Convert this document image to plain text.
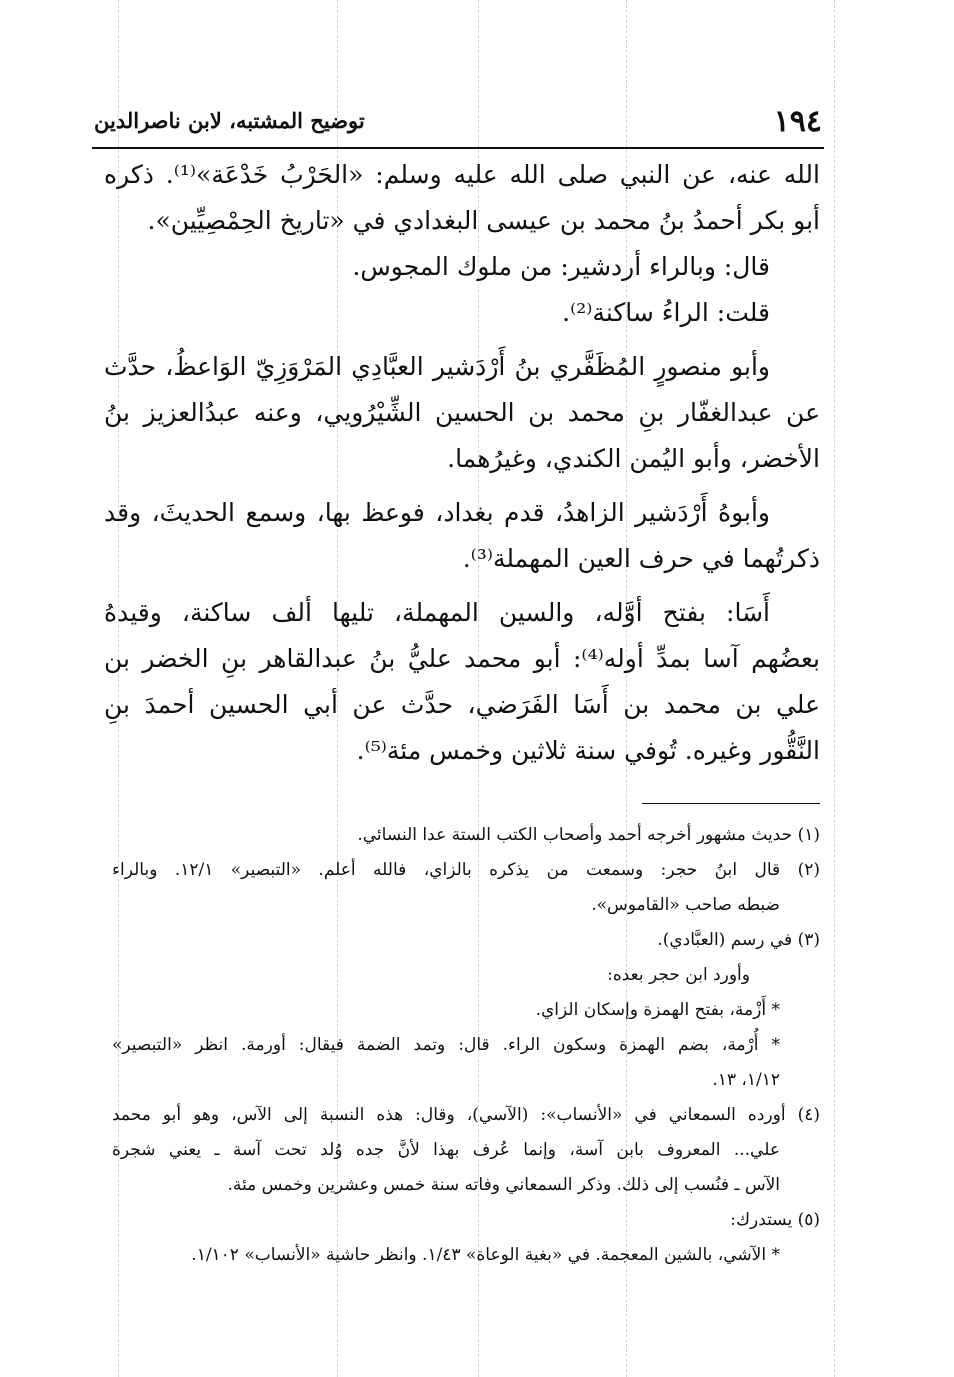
١٩٤
توضيح المشتبه، لابن ناصرالدين
الله عنه، عن النبي صلى الله عليه وسلم: «الحَرْبُ خَدْعَة»⁽¹⁾. ذكره
أبو بكر أحمدُ بنُ محمد بن عيسى البغدادي في «تاريخ الحِمْصِيِّين».
قال: وبالراء أردشير: من ملوك المجوس.
قلت: الراءُ ساكنة⁽²⁾.
وأبو منصورٍ المُظَفَّري بنُ أَرْدَشير العبَّادِي المَرْوَزِيّ الوَاعظُ، حدَّث
عن عبدالغفّار بنِ محمد بن الحسين الشِّيْرُويي، وعنه عبدُالعزيز بنُ
الأخضر، وأبو اليُمن الكندي، وغيرُهما.
وأبوهُ أَرْدَشير الزاهدُ، قدم بغداد، فوعظ بها، وسمع الحديثَ، وقد
ذكرتُهما في حرف العين المهملة⁽³⁾.
أَسَا: بفتح أوَّله، والسين المهملة، تليها ألف ساكنة، وقيدهُ
بعضُهم آسا بمدِّ أوله⁽⁴⁾: أبو محمد عليُّ بنُ عبدالقاهر بنِ الخضر بن
علي بن محمد بن أَسَا الفَرَضي، حدَّث عن أبي الحسين أحمدَ بنِ
النَّقُّور وغيره. تُوفي سنة ثلاثين وخمس مئة⁽⁵⁾.
(١) حديث مشهور أخرجه أحمد وأصحاب الكتب الستة عدا النسائي.
(٢) قال ابنُ حجر: وسمعت من يذكره بالزاي، فالله أعلم. «التبصير» ١٢/١. وبالراء
ضبطه صاحب «القاموس».
(٣) في رسم (العبَّادي).
وأورد ابن حجر بعده:
* أَزْمة، بفتح الهمزة وإسكان الزاي.
* أُرْمة، بضم الهمزة وسكون الراء. قال: وتمد الضمة فيقال: أورمة. انظر «التبصير»
١/١٢، ١٣.
(٤) أورده السمعاني في «الأنساب»: (الآسي)، وقال: هذه النسبة إلى الآس، وهو أبو محمد
علي... المعروف بابن آسة، وإنما عُرف بهذا لأنَّ جده وُلد تحت آسة ـ يعني شجرة
الآس ـ فنُسب إلى ذلك. وذكر السمعاني وفاته سنة خمس وعشرين وخمس مئة.
(٥) يستدرك:
* الآشي، بالشين المعجمة. في «بغية الوعاة» ١/٤٣. وانظر حاشية «الأنساب» ١/١٠٢.
